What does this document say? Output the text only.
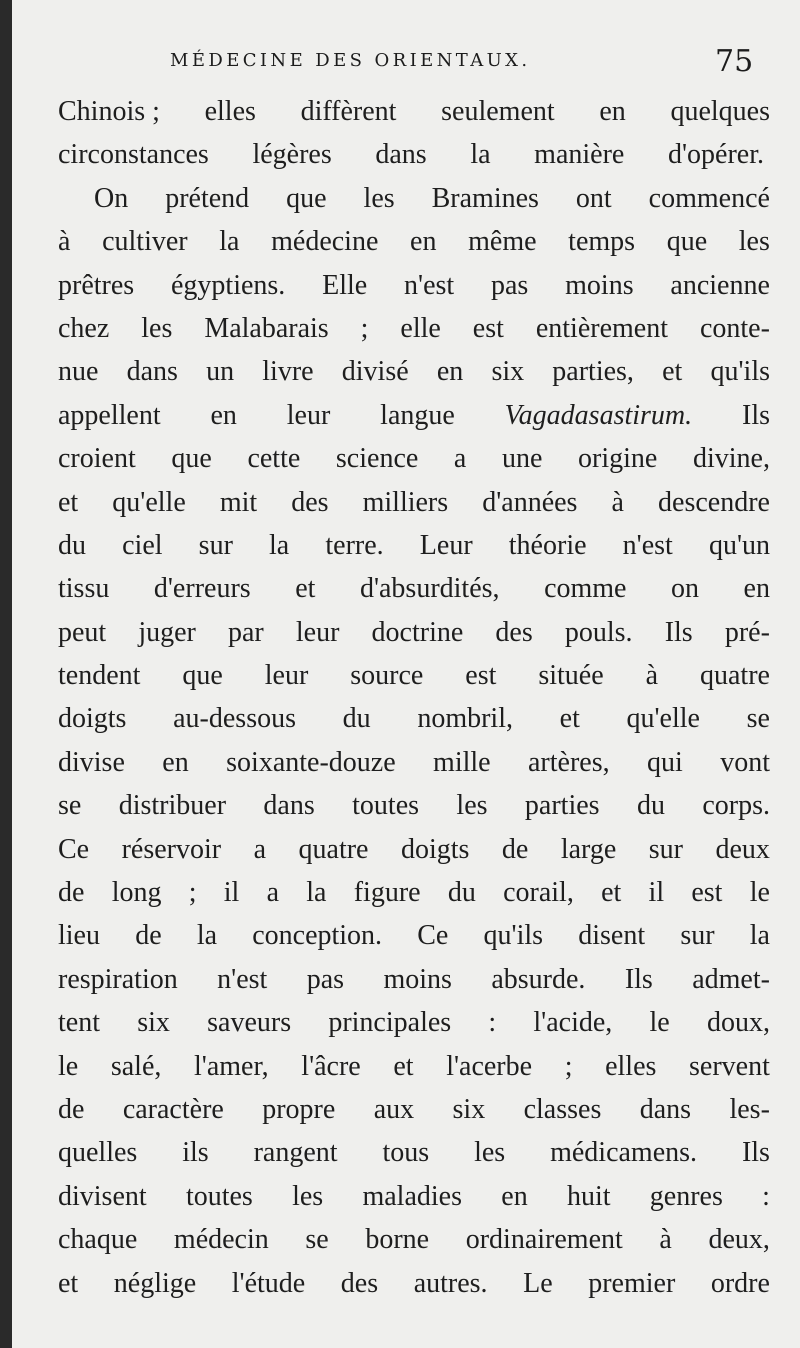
MÉDECINE DES ORIENTAUX.	75
Chinois ; elles diffèrent seulement en quelques
circonstances légères dans la manière d'opérer.
On prétend que les Bramines ont commencé
à cultiver la médecine en même temps que les
prêtres égyptiens. Elle n'est pas moins ancienne
chez les Malabarais ; elle est entièrement conte-
nue dans un livre divisé en six parties, et qu'ils
appellent en leur langue Vagadasastirum. Ils
croient que cette science a une origine divine,
et qu'elle mit des milliers d'années à descendre
du ciel sur la terre. Leur théorie n'est qu'un
tissu d'erreurs et d'absurdités, comme on en
peut juger par leur doctrine des pouls. Ils pré-
tendent que leur source est située à quatre
doigts au-dessous du nombril, et qu'elle se
divise en soixante-douze mille artères, qui vont
se distribuer dans toutes les parties du corps.
Ce réservoir a quatre doigts de large sur deux
de long ; il a la figure du corail, et il est le
lieu de la conception. Ce qu'ils disent sur la
respiration n'est pas moins absurde. Ils admet-
tent six saveurs principales : l'acide, le doux,
le salé, l'amer, l'âcre et l'acerbe ; elles servent
de caractère propre aux six classes dans les-
quelles ils rangent tous les médicamens. Ils
divisent toutes les maladies en huit genres :
chaque médecin se borne ordinairement à deux,
et néglige l'étude des autres. Le premier ordre
